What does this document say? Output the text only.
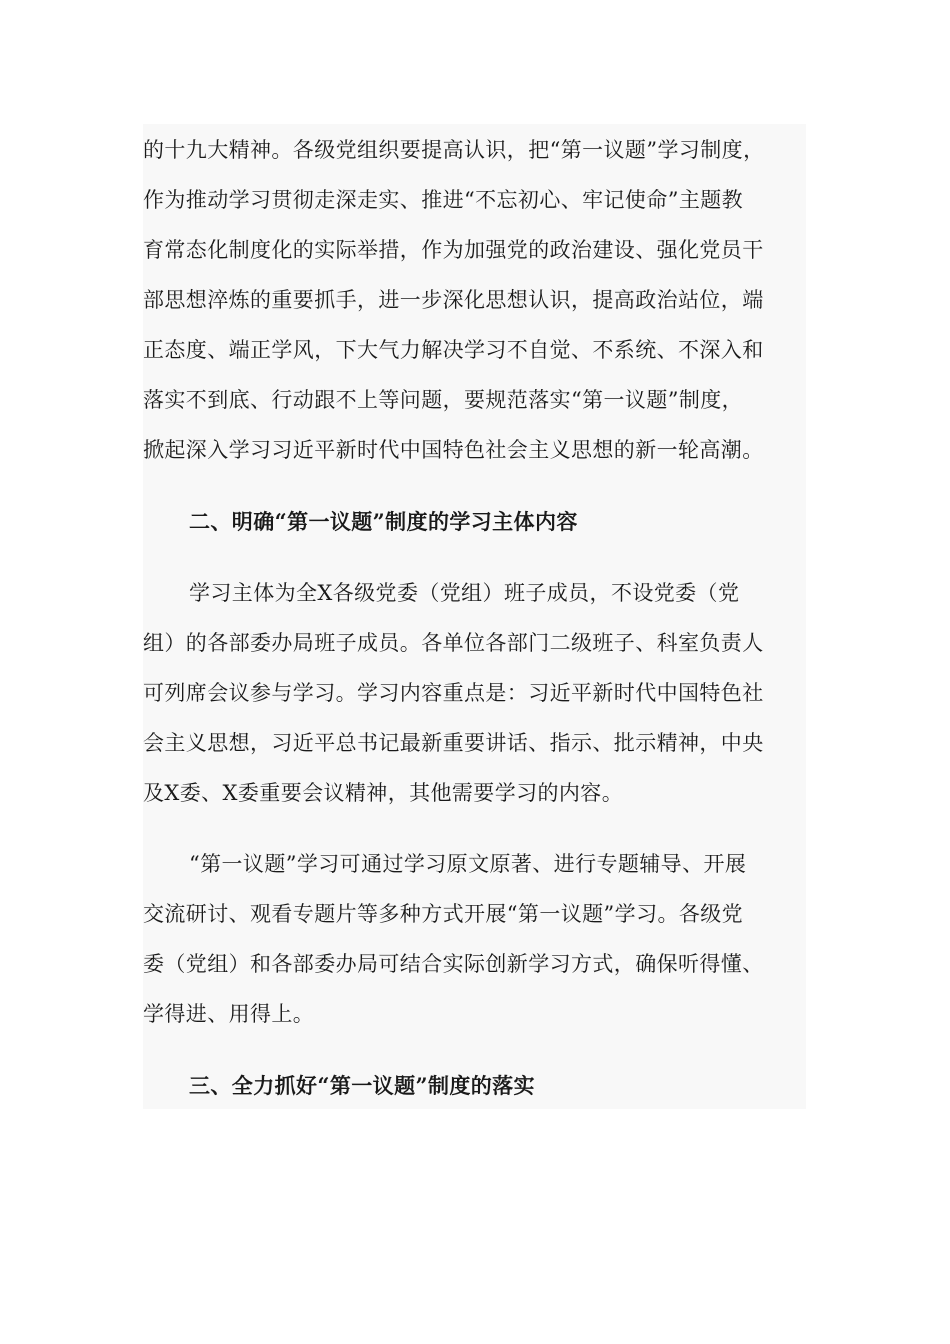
的十九大精神。各级党组织要提高认识，把“第一议题”学习制度，
作为推动学习贯彻走深走实、推进“不忘初心、牢记使命”主题教
育常态化制度化的实际举措，作为加强党的政治建设、强化党员干
部思想淬炼的重要抓手，进一步深化思想认识，提高政治站位，端
正态度、端正学风，下大气力解决学习不自觉、不系统、不深入和
落实不到底、行动跟不上等问题，要规范落实“第一议题”制度，
掀起深入学习习近平新时代中国特色社会主义思想的新一轮高潮。
二、明确“第一议题”制度的学习主体内容
学习主体为全X各级党委（党组）班子成员，不设党委（党
组）的各部委办局班子成员。各单位各部门二级班子、科室负责人
可列席会议参与学习。学习内容重点是：习近平新时代中国特色社
会主义思想，习近平总书记最新重要讲话、指示、批示精神，中央
及X委、X委重要会议精神，其他需要学习的内容。
“第一议题”学习可通过学习原文原著、进行专题辅导、开展
交流研讨、观看专题片等多种方式开展“第一议题”学习。各级党
委（党组）和各部委办局可结合实际创新学习方式，确保听得懂、
学得进、用得上。
三、全力抓好“第一议题”制度的落实
